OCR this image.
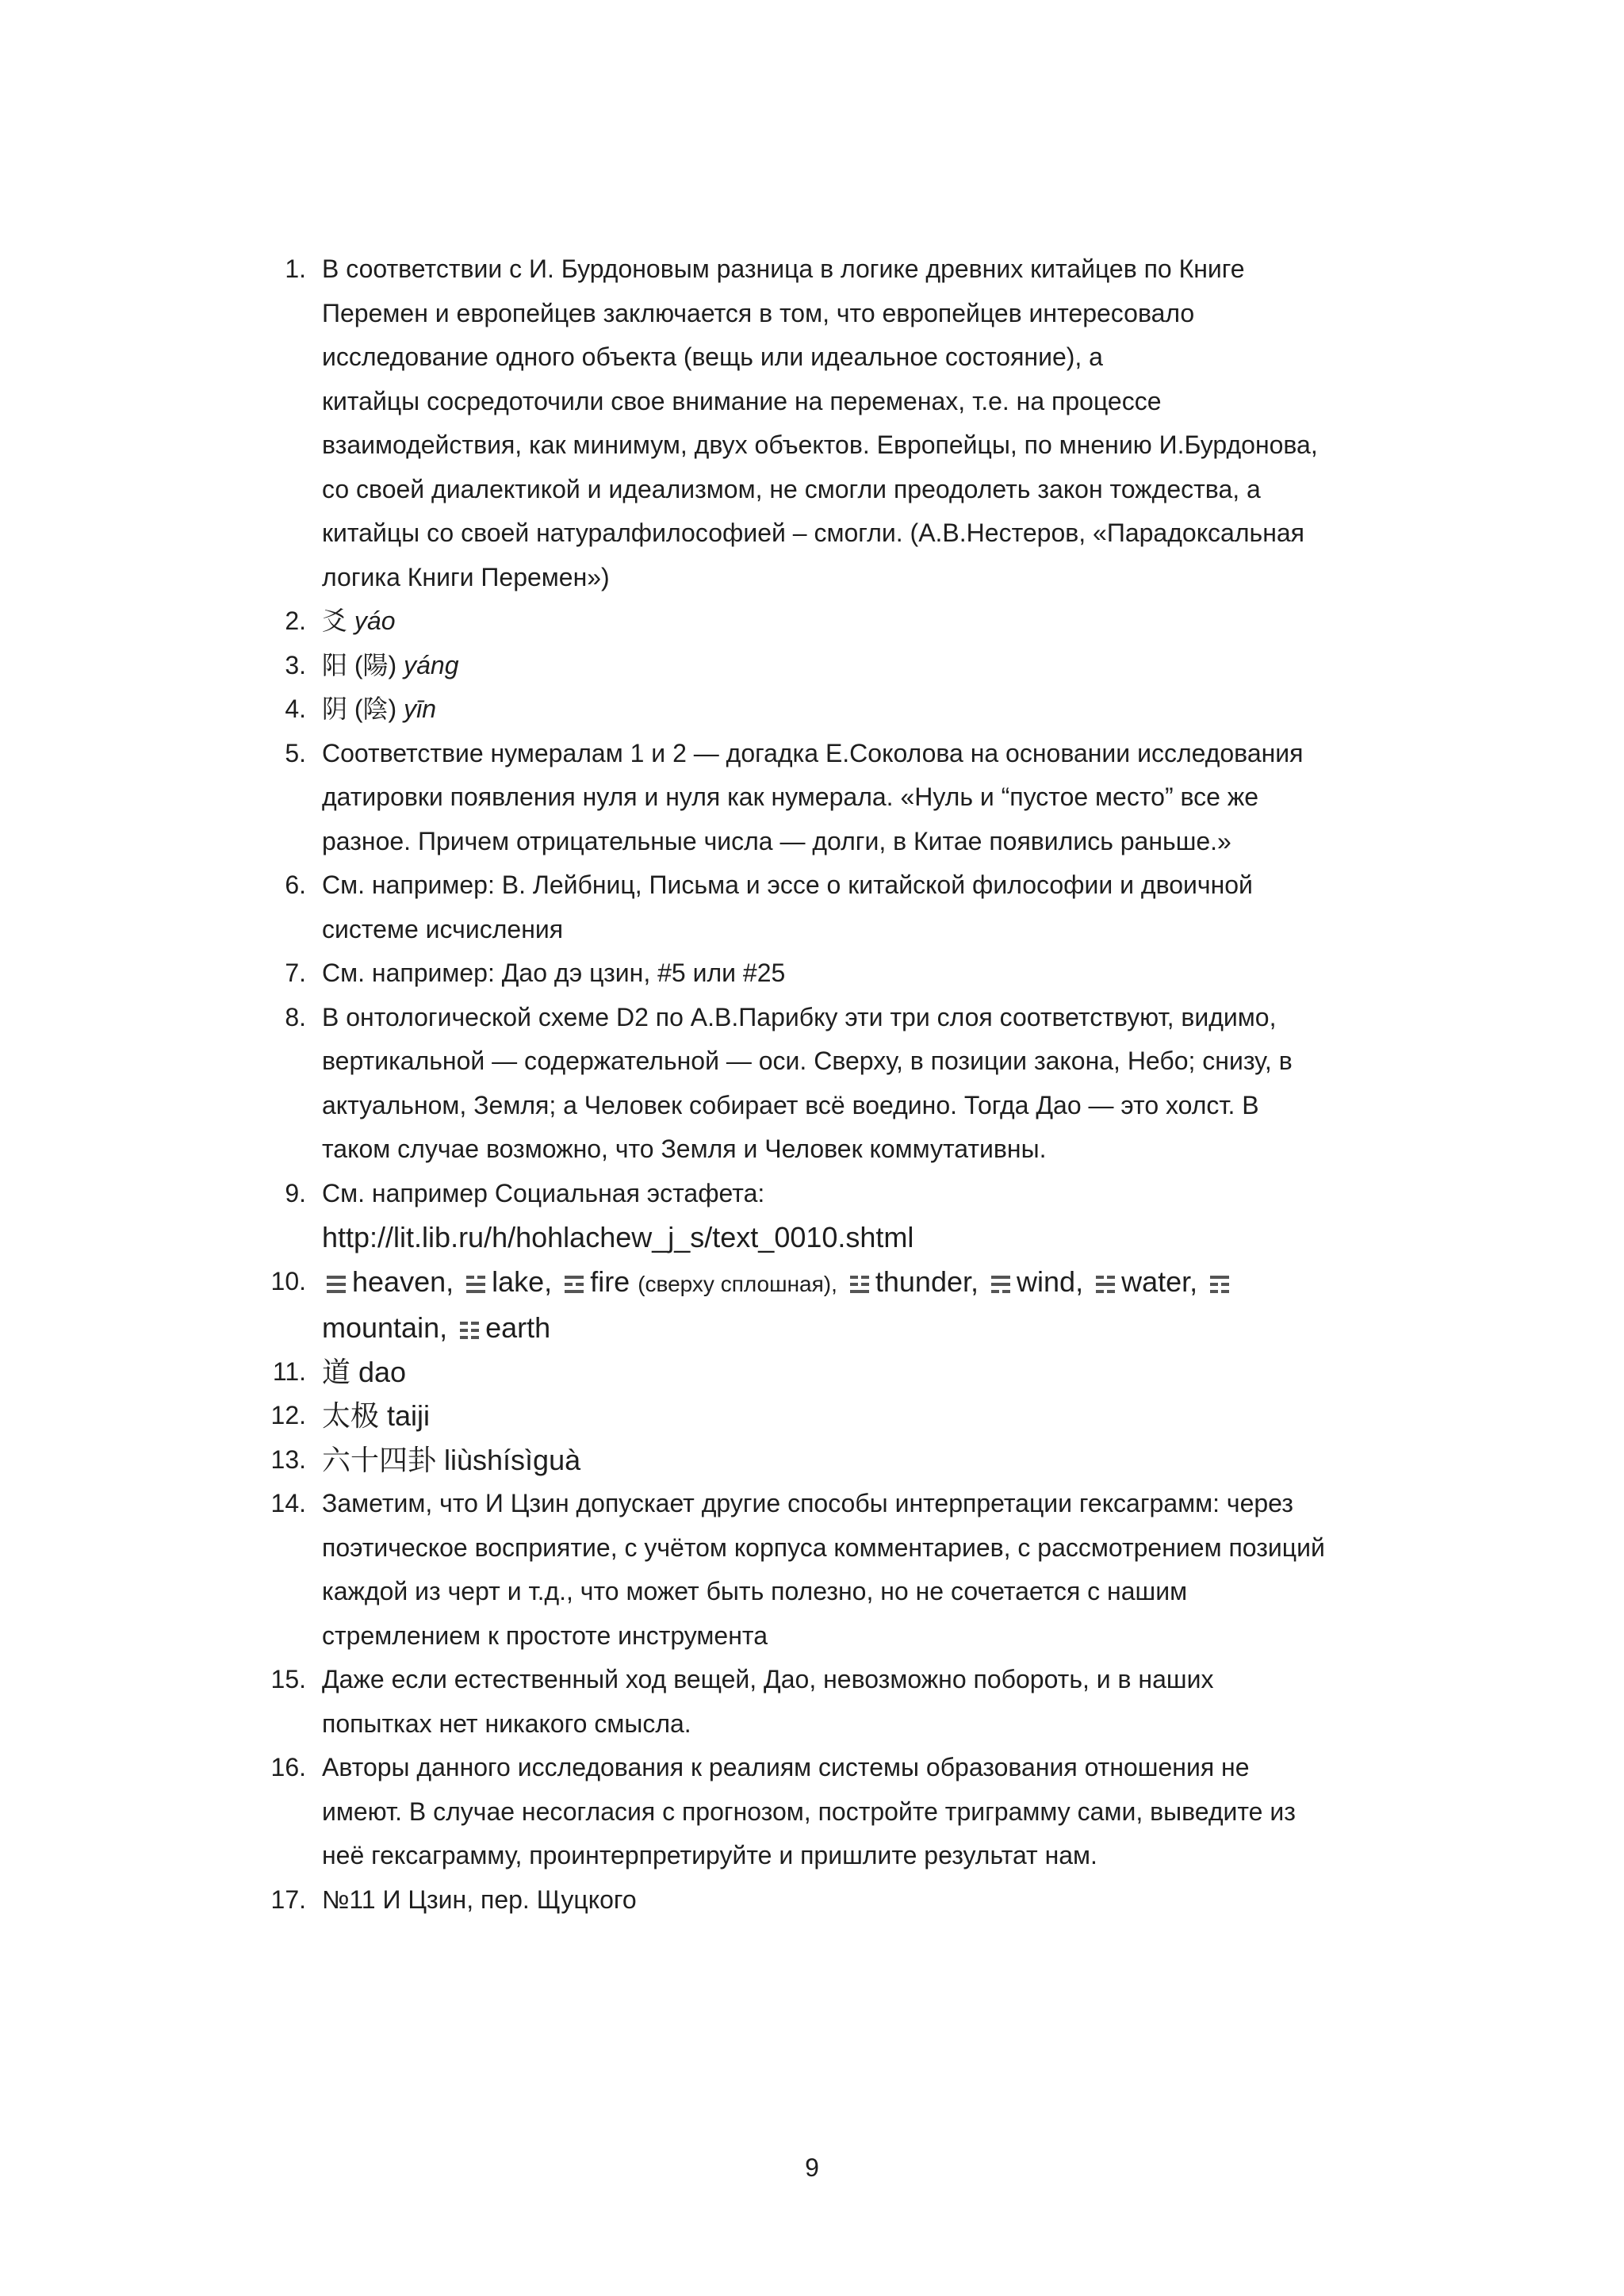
1. В соответствии с И. Бурдоновым разница в логике древних китайцев по Книге
Перемен и европейцев заключается в том, что европейцев интересовало
исследование одного объекта (вещь или идеальное состояние), а
китайцы сосредоточили свое внимание на переменах, т.е. на процессе
взаимодействия, как минимум, двух объектов. Европейцы, по мнению И.Бурдонова,
со своей диалектикой и идеализмом, не смогли преодолеть закон тождества, а
китайцы со своей натуралфилософией – смогли. (А.В.Нестеров, «Парадоксальная
логика Книги Перемен»)
2. 爻 yáo
3. 阳 (陽) yáng
4. 阴 (陰) yīn
5. Соответствие нумералам 1 и 2 — догадка Е.Соколова на основании исследования
датировки появления нуля и нуля как нумерала. «Нуль и “пустое место” все же
разное. Причем отрицательные числа — долги, в Китае появились раньше.»
6. См. например: В. Лейбниц, Письма и эссе о китайской философии и двоичной
системе исчисления
7. См. например: Дао дэ цзин, #5 или #25
8. В онтологической схеме D2 по А.В.Парибку эти три слоя соответствуют, видимо,
вертикальной — содержательной — оси. Сверху, в позиции закона, Небо; снизу, в
актуальном, Земля; а Человек собирает всё воедино. Тогда Дао — это холст. В
таком случае возможно, что Земля и Человек коммутативны.
9. См. например Социальная эстафета:
http://lit.lib.ru/h/hohlachew_j_s/text_0010.shtml
10.	heaven, lake, fire (сверху сплошная), thunder, wind, water,
mountain, earth
11. 道 dao
12. 太极 taiji
13. 六十四卦 liùshísìguà
14. Заметим, что И Цзин допускает другие способы интерпретации гексаграмм: через
поэтическое восприятие, с учётом корпуса комментариев, с рассмотрением позиций
каждой из черт и т.д., что может быть полезно, но не сочетается с нашим
стремлением к простоте инструмента
15. Даже если естественный ход вещей, Дао, невозможно побороть, и в наших
попытках нет никакого смысла.
16. Авторы данного исследования к реалиям системы образования отношения не
имеют. В случае несогласия с прогнозом, постройте триграмму сами, выведите из
неё гексаграмму, проинтерпретируйте и пришлите результат нам.
17. №11 И Цзин, пер. Щуцкого
9
